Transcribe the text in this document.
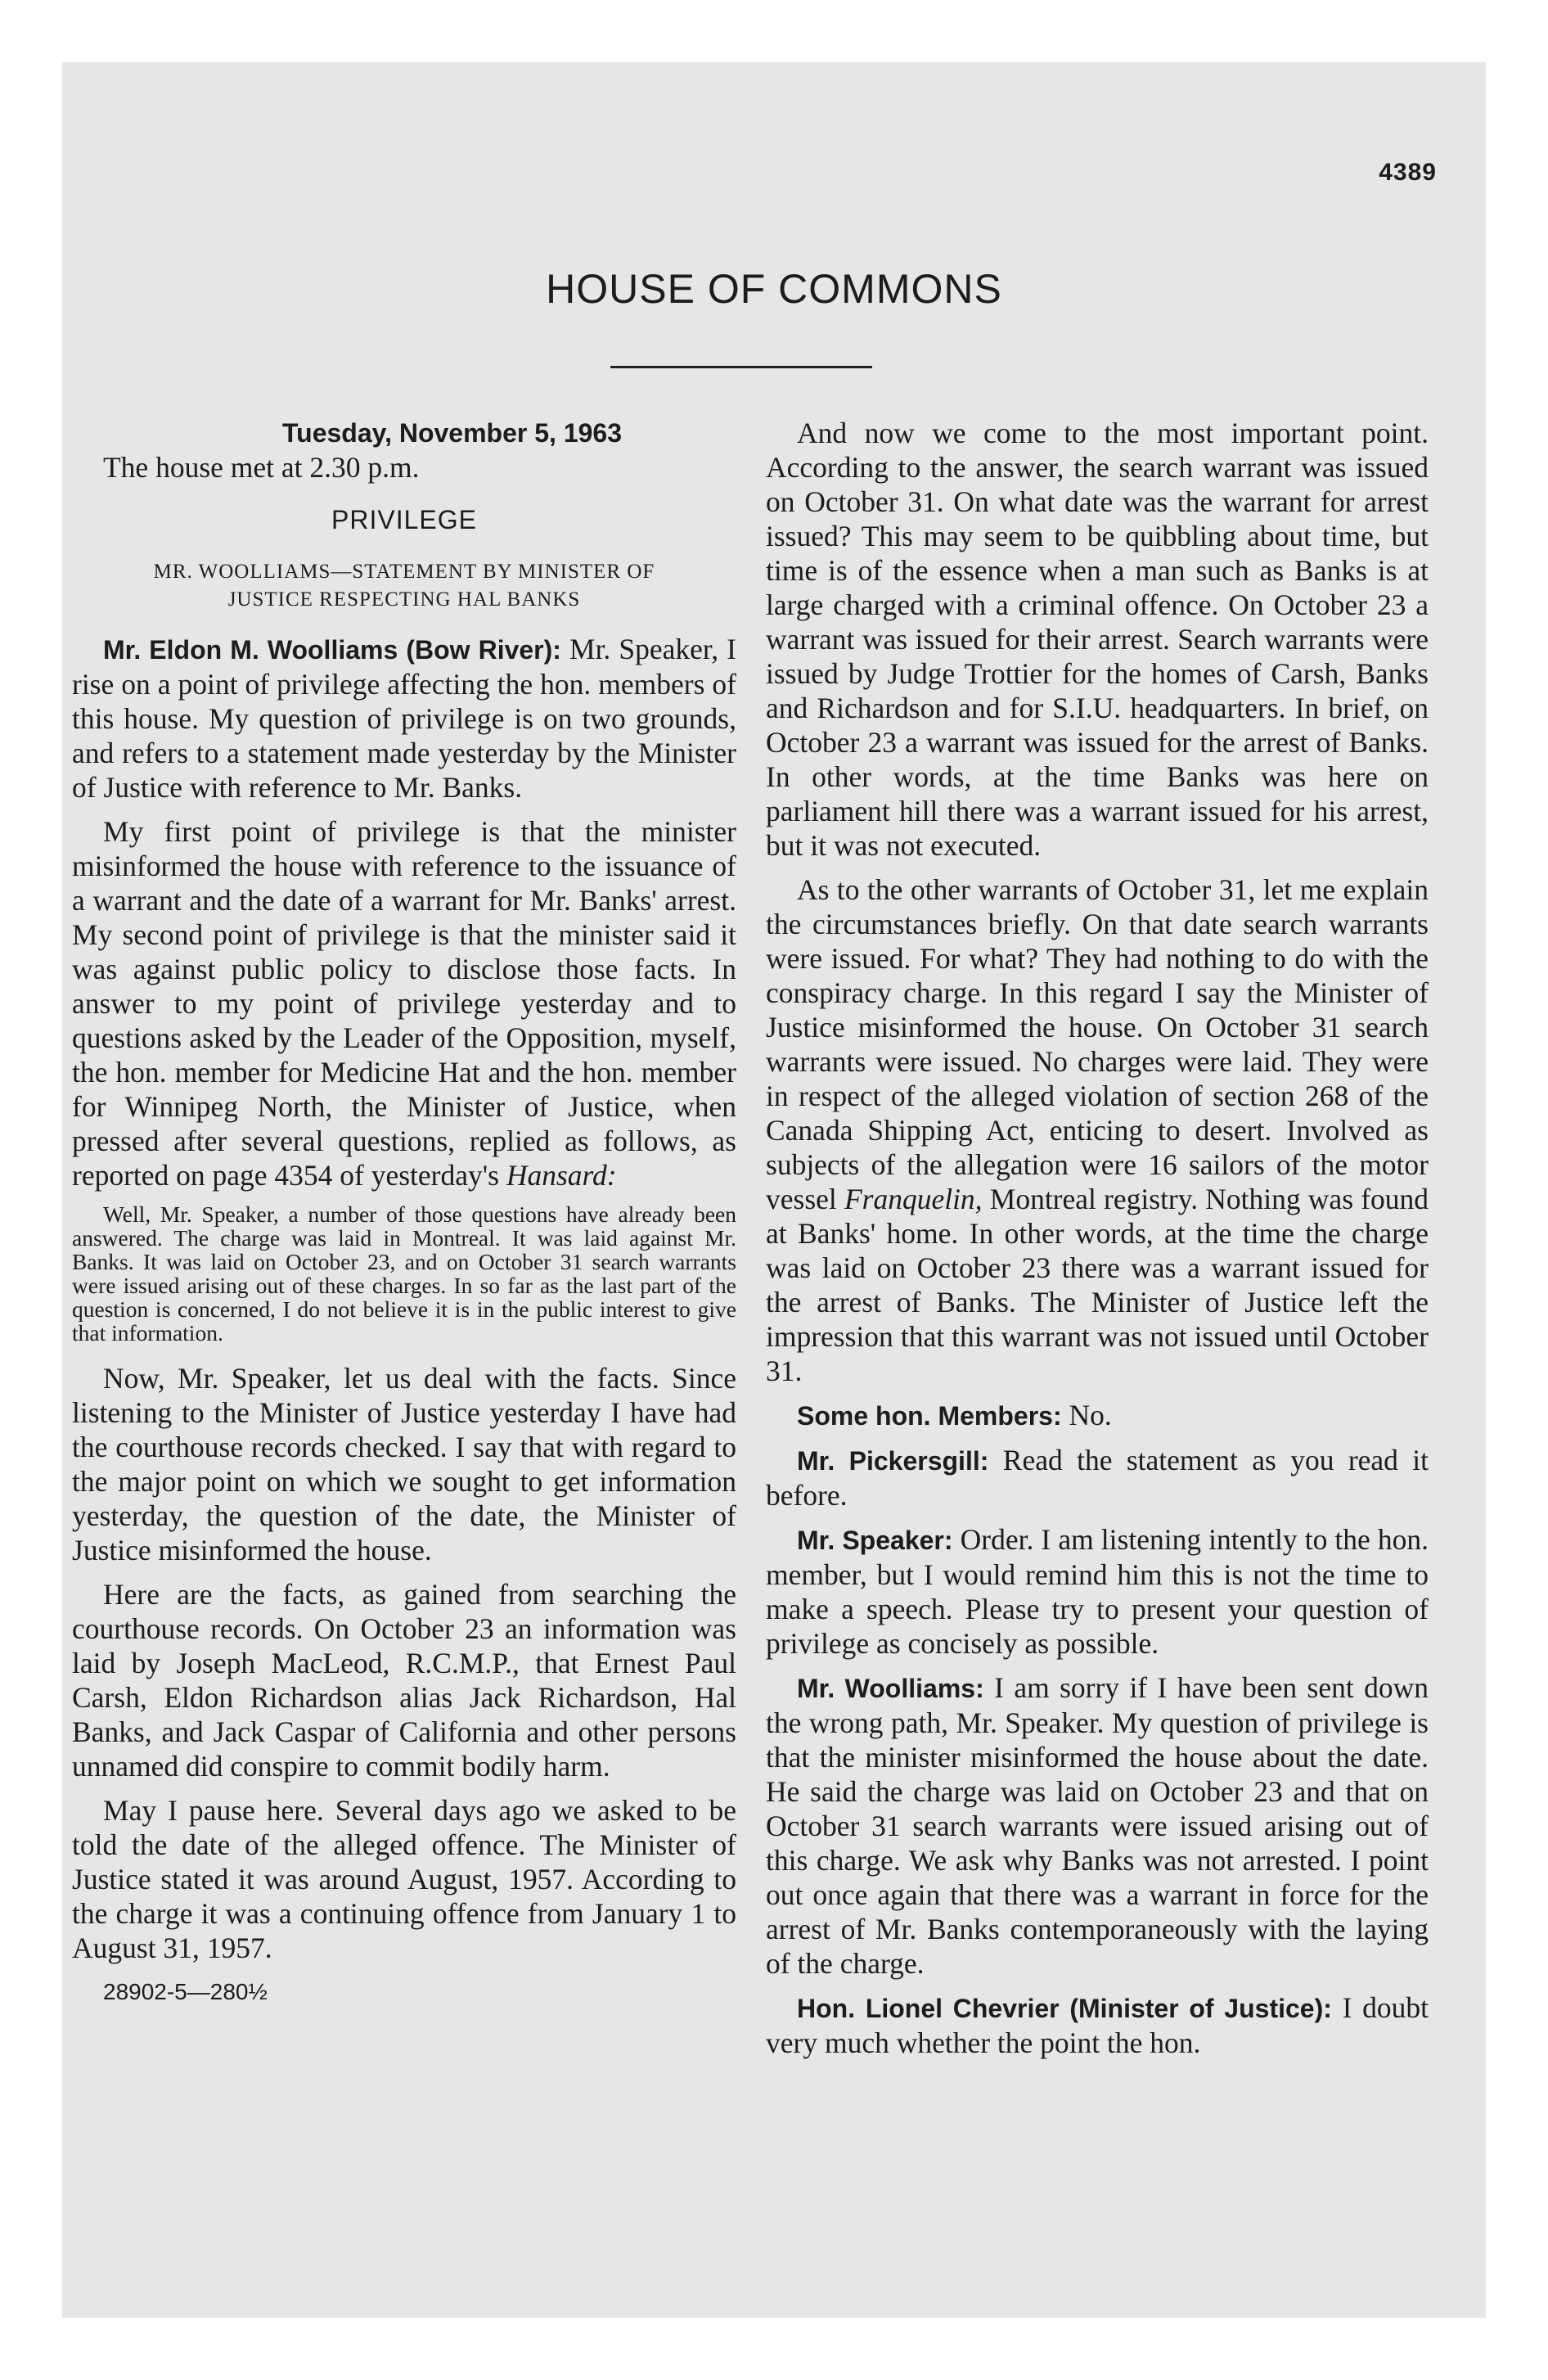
4389
HOUSE OF COMMONS
Tuesday, November 5, 1963
The house met at 2.30 p.m.
PRIVILEGE
MR. WOOLLIAMS—STATEMENT BY MINISTER OF
JUSTICE RESPECTING HAL BANKS

Mr. Eldon M. Woolliams (Bow River): Mr. Speaker, I rise on a point of privilege affecting the hon. members of this house. My question of privilege is on two grounds, and refers to a statement made yesterday by the Minister of Justice with reference to Mr. Banks.

My first point of privilege is that the minister misinformed the house with reference to the issuance of a warrant and the date of a warrant for Mr. Banks' arrest. My second point of privilege is that the minister said it was against public policy to disclose those facts. In answer to my point of privilege yesterday and to questions asked by the Leader of the Opposition, myself, the hon. member for Medicine Hat and the hon. member for Winnipeg North, the Minister of Justice, when pressed after several questions, replied as follows, as reported on page 4354 of yesterday's Hansard:

Well, Mr. Speaker, a number of those questions have already been answered. The charge was laid in Montreal. It was laid against Mr. Banks. It was laid on October 23, and on October 31 search warrants were issued arising out of these charges. In so far as the last part of the question is concerned, I do not believe it is in the public interest to give that information.

Now, Mr. Speaker, let us deal with the facts. Since listening to the Minister of Justice yesterday I have had the courthouse records checked. I say that with regard to the major point on which we sought to get information yesterday, the question of the date, the Minister of Justice misinformed the house.

Here are the facts, as gained from searching the courthouse records. On October 23 an information was laid by Joseph MacLeod, R.C.M.P., that Ernest Paul Carsh, Eldon Richardson alias Jack Richardson, Hal Banks, and Jack Caspar of California and other persons unnamed did conspire to commit bodily harm.

May I pause here. Several days ago we asked to be told the date of the alleged offence. The Minister of Justice stated it was around August, 1957. According to the charge it was a continuing offence from January 1 to August 31, 1957.

28902-5—280½

And now we come to the most important point. According to the answer, the search warrant was issued on October 31. On what date was the warrant for arrest issued? This may seem to be quibbling about time, but time is of the essence when a man such as Banks is at large charged with a criminal offence. On October 23 a warrant was issued for their arrest. Search warrants were issued by Judge Trottier for the homes of Carsh, Banks and Richardson and for S.I.U. headquarters. In brief, on October 23 a warrant was issued for the arrest of Banks. In other words, at the time Banks was here on parliament hill there was a warrant issued for his arrest, but it was not executed.

As to the other warrants of October 31, let me explain the circumstances briefly. On that date search warrants were issued. For what? They had nothing to do with the conspiracy charge. In this regard I say the Minister of Justice misinformed the house. On October 31 search warrants were issued. No charges were laid. They were in respect of the alleged violation of section 268 of the Canada Shipping Act, enticing to desert. Involved as subjects of the allegation were 16 sailors of the motor vessel Franquelin, Montreal registry. Nothing was found at Banks' home. In other words, at the time the charge was laid on October 23 there was a warrant issued for the arrest of Banks. The Minister of Justice left the impression that this warrant was not issued until October 31.

Some hon. Members: No.

Mr. Pickersgill: Read the statement as you read it before.

Mr. Speaker: Order. I am listening intently to the hon. member, but I would remind him this is not the time to make a speech. Please try to present your question of privilege as concisely as possible.

Mr. Woolliams: I am sorry if I have been sent down the wrong path, Mr. Speaker. My question of privilege is that the minister misinformed the house about the date. He said the charge was laid on October 23 and that on October 31 search warrants were issued arising out of this charge. We ask why Banks was not arrested. I point out once again that there was a warrant in force for the arrest of Mr. Banks contemporaneously with the laying of the charge.

Hon. Lionel Chevrier (Minister of Justice): I doubt very much whether the point the hon.
